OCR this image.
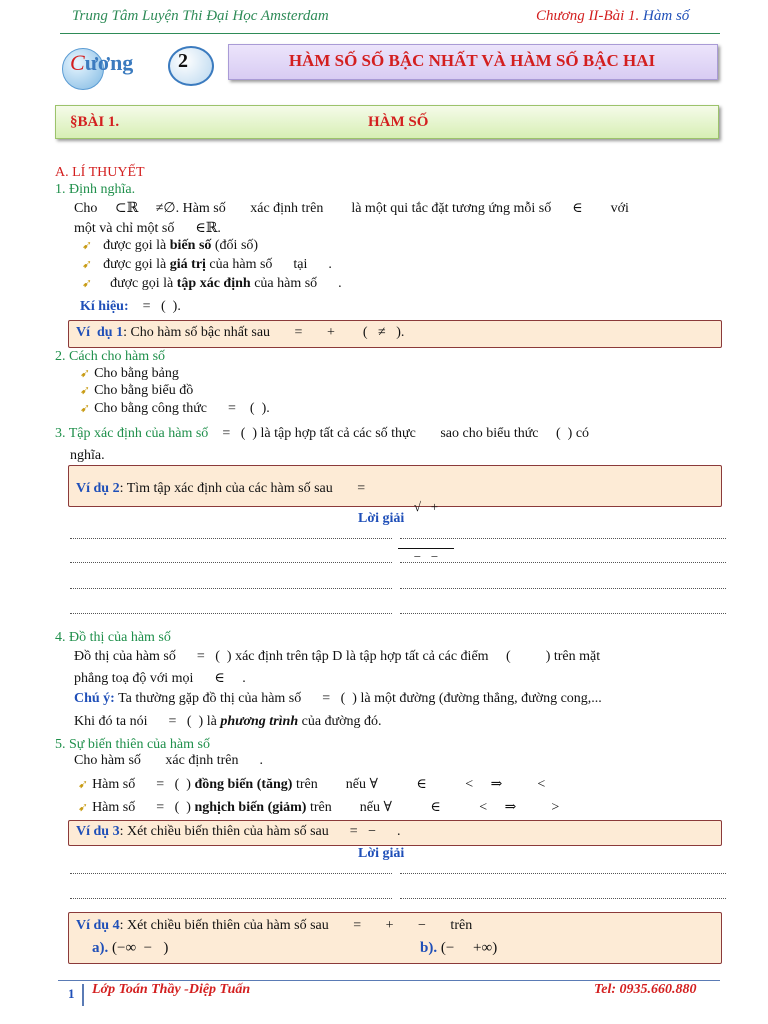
Trung Tâm Luyện Thi Đại Học Amsterdam	Chương II-Bài 1. Hàm số
Cương 2	HÀM SỐ SỐ BẬC NHẤT VÀ HÀM SỐ BẬC HAI
§BÀI 1.	HÀM SỐ
A. LÍ THUYẾT
1. Định nghĩa.
Cho     ⊂ℝ     ≠∅. Hàm số       xác định trên        là một qui tắc đặt tương ứng mỗi số      ∈        với
một và chỉ một số      ∈ℝ.
➹ được gọi là biến số (đối số)
➹ được gọi là giá trị của hàm số      tại      .
➹ được gọi là tập xác định của hàm số      .
Kí hiệu:    =   (  ).
Ví  dụ 1: Cho hàm số bậc nhất sau       =       +        (   ≠   ).
2. Cách cho hàm số
➹ Cho bằng bảng
➹ Cho bằng biểu đồ
➹ Cho bằng công thức      =    (  ).
3. Tập xác định của hàm số    =   (  ) là tập hợp tất cả các số thực       sao cho biểu thức     (  ) có
nghĩa.
Ví dụ 2: Tìm tập xác định của các hàm số sau       =

√   +

−   −

Lời giải
4. Đồ thị của hàm số
Đồ thị của hàm số      =   (  ) xác định trên tập D là tập hợp tất cả các điểm     (          ) trên mặt
phẳng toạ độ với mọi      ∈     .
Chú ý: Ta thường gặp đồ thị của hàm số      =   (  ) là một đường (đường thẳng, đường cong,...
Khi đó ta nói      =   (  ) là phương trình của đường đó.
5. Sự biến thiên của hàm số
Cho hàm số       xác định trên      .
➹ Hàm số      =   (  ) đồng biến (tăng) trên        nếu ∀           ∈           <     ⇒          <
➹ Hàm số      =   (  ) nghịch biến (giảm) trên        nếu ∀           ∈           <     ⇒          >
Ví dụ 3: Xét chiều biến thiên của hàm số sau      =   −      .
Lời giải
Ví dụ 4: Xét chiều biến thiên của hàm số sau       =       +       −       trên
a). (−∞  −   )	b). (−     +∞)
1 Lớp Toán Thầy -Diệp Tuấn	Tel: 0935.660.880
